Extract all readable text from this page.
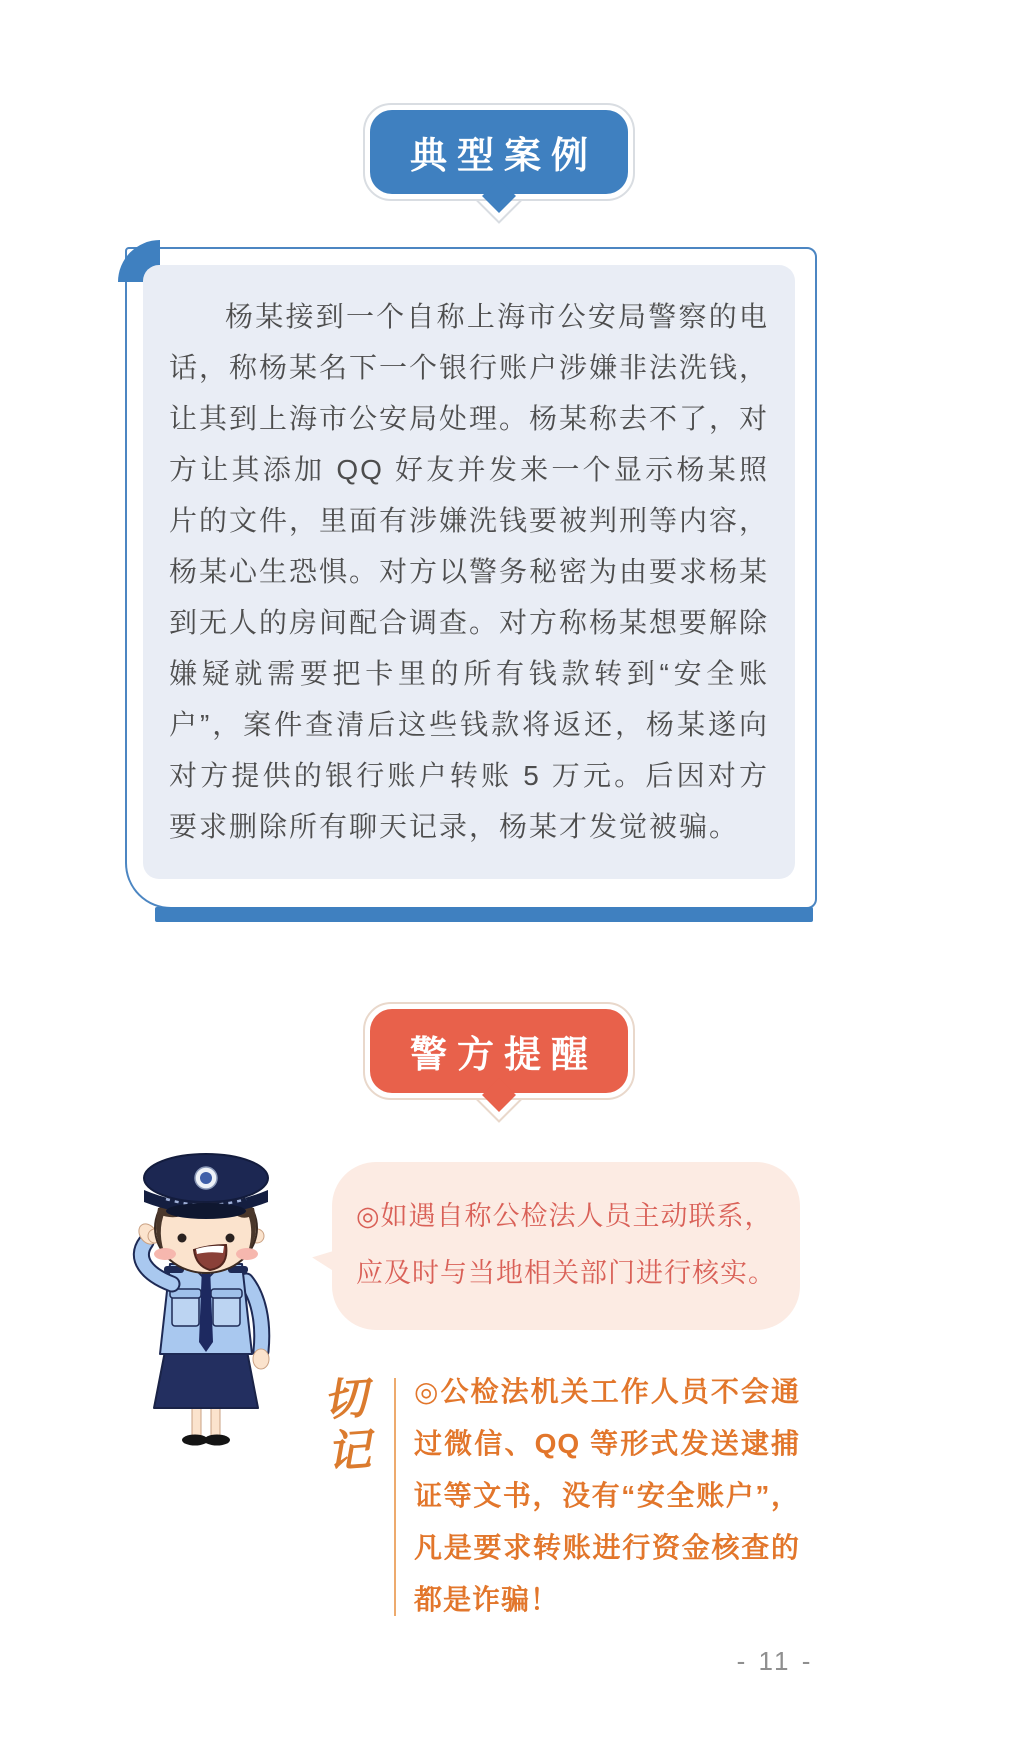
典型案例
杨某接到一个自称上海市公安局警察的电话，称杨某名下一个银行账户涉嫌非法洗钱，让其到上海市公安局处理。杨某称去不了，对方让其添加 QQ 好友并发来一个显示杨某照片的文件，里面有涉嫌洗钱要被判刑等内容，杨某心生恐惧。对方以警务秘密为由要求杨某到无人的房间配合调查。对方称杨某想要解除嫌疑就需要把卡里的所有钱款转到“安全账户”，案件查清后这些钱款将返还，杨某遂向对方提供的银行账户转账 5 万元。后因对方要求删除所有聊天记录，杨某才发觉被骗。
警方提醒
◎如遇自称公检法人员主动联系，应及时与当地相关部门进行核实。
切记
◎公检法机关工作人员不会通过微信、QQ 等形式发送逮捕证等文书，没有“安全账户”，凡是要求转账进行资金核查的都是诈骗！
- 11 -
